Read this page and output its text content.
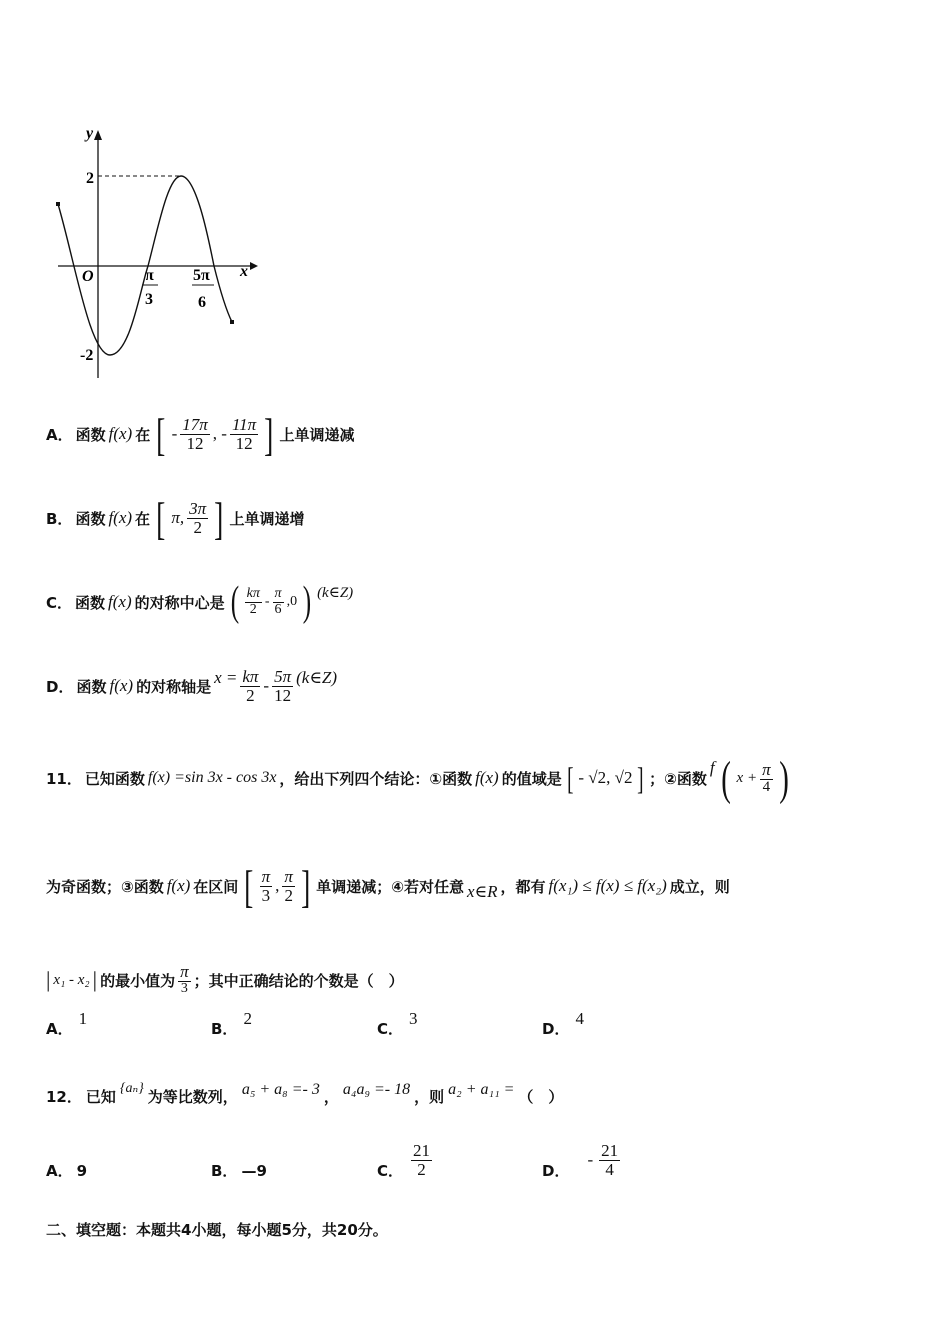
y
x
O
2
-2
π
3
5π
6
A． 函数 f(x) 在 [ - $\frac{17\pi}{12}$ , - $\frac{11\pi}{12}$ ] 上单调递减
B． 函数 f(x) 在 [ π, $\frac{3\pi}{2}$ ] 上单调递增
C． 函数 f(x) 的对称中心是 ( $\frac{k\pi}{2} - \frac{\pi}{6} ,0$ ) (k∈Z)
D． 函数 f(x) 的对称轴是 $x = \frac{k\pi}{2} - \frac{5\pi}{12}$ (k∈Z)
11． 已知函数 f(x) =sin 3x - cos 3x ，给出下列四个结论：①函数 f(x) 的值域是 [ - √2, √2 ] ；②函数
f ( $x + \frac{\pi}{4}$ )
为奇函数；③函数 f(x) 在区间 [ $\frac{\pi}{3}$ , $\frac{\pi}{2}$ ] 单调递减；④若对任意 x∈R ，都有 f(x₁) ≤ f(x) ≤ f(x₂) 成立，则
| x₁ - x₂ | 的最小值为 $\frac{\pi}{3}$ ；其中正确结论的个数是（　）
A．1
B．2
C．3
D．4
12． 已知 {aₙ} 为等比数列， a₅ + a₈ =- 3 ， a₄a₉ =- 18 ，则 a₂ + a₁₁ = （　）
A． 9	B． —9	C． $\frac{21}{2}$	D．
- $\frac{21}{4}$
二、填空题：本题共4小题，每小题5分，共20分。
